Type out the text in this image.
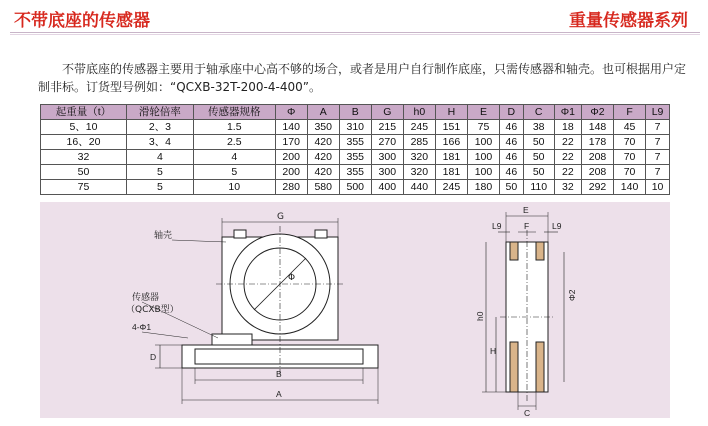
不带底座的传感器	重量传感器系列
不带底座的传感器主要用于轴承座中心高不够的场合，或者是用户自行制作底座，只需传感器和轴壳。也可根据用户定制非标。订货型号例如：“QCXB-32T-200-4-400”。
起重量（t）	滑轮倍率	传感器规格	Φ	A	B	G	h0	H	E	D	C	Φ1	Φ2	F	L9
5、10	2、3	1.5	140	350	310	215	245	151	75	46	38	18	148	45	7
16、20	3、4	2.5	170	420	355	270	285	166	100	46	50	22	178	70	7
32	4	4	200	420	355	300	320	181	100	46	50	22	208	70	7
50	5	5	200	420	355	300	320	181	100	46	50	22	208	70	7
75	5	10	280	580	500	400	440	245	180	50	110	32	292	140	10
G
轴壳
Φ
传感器
（QCXB型）
4-Φ1
D
B
A
E
L9	F	L9
h0
Φ2
H
C
